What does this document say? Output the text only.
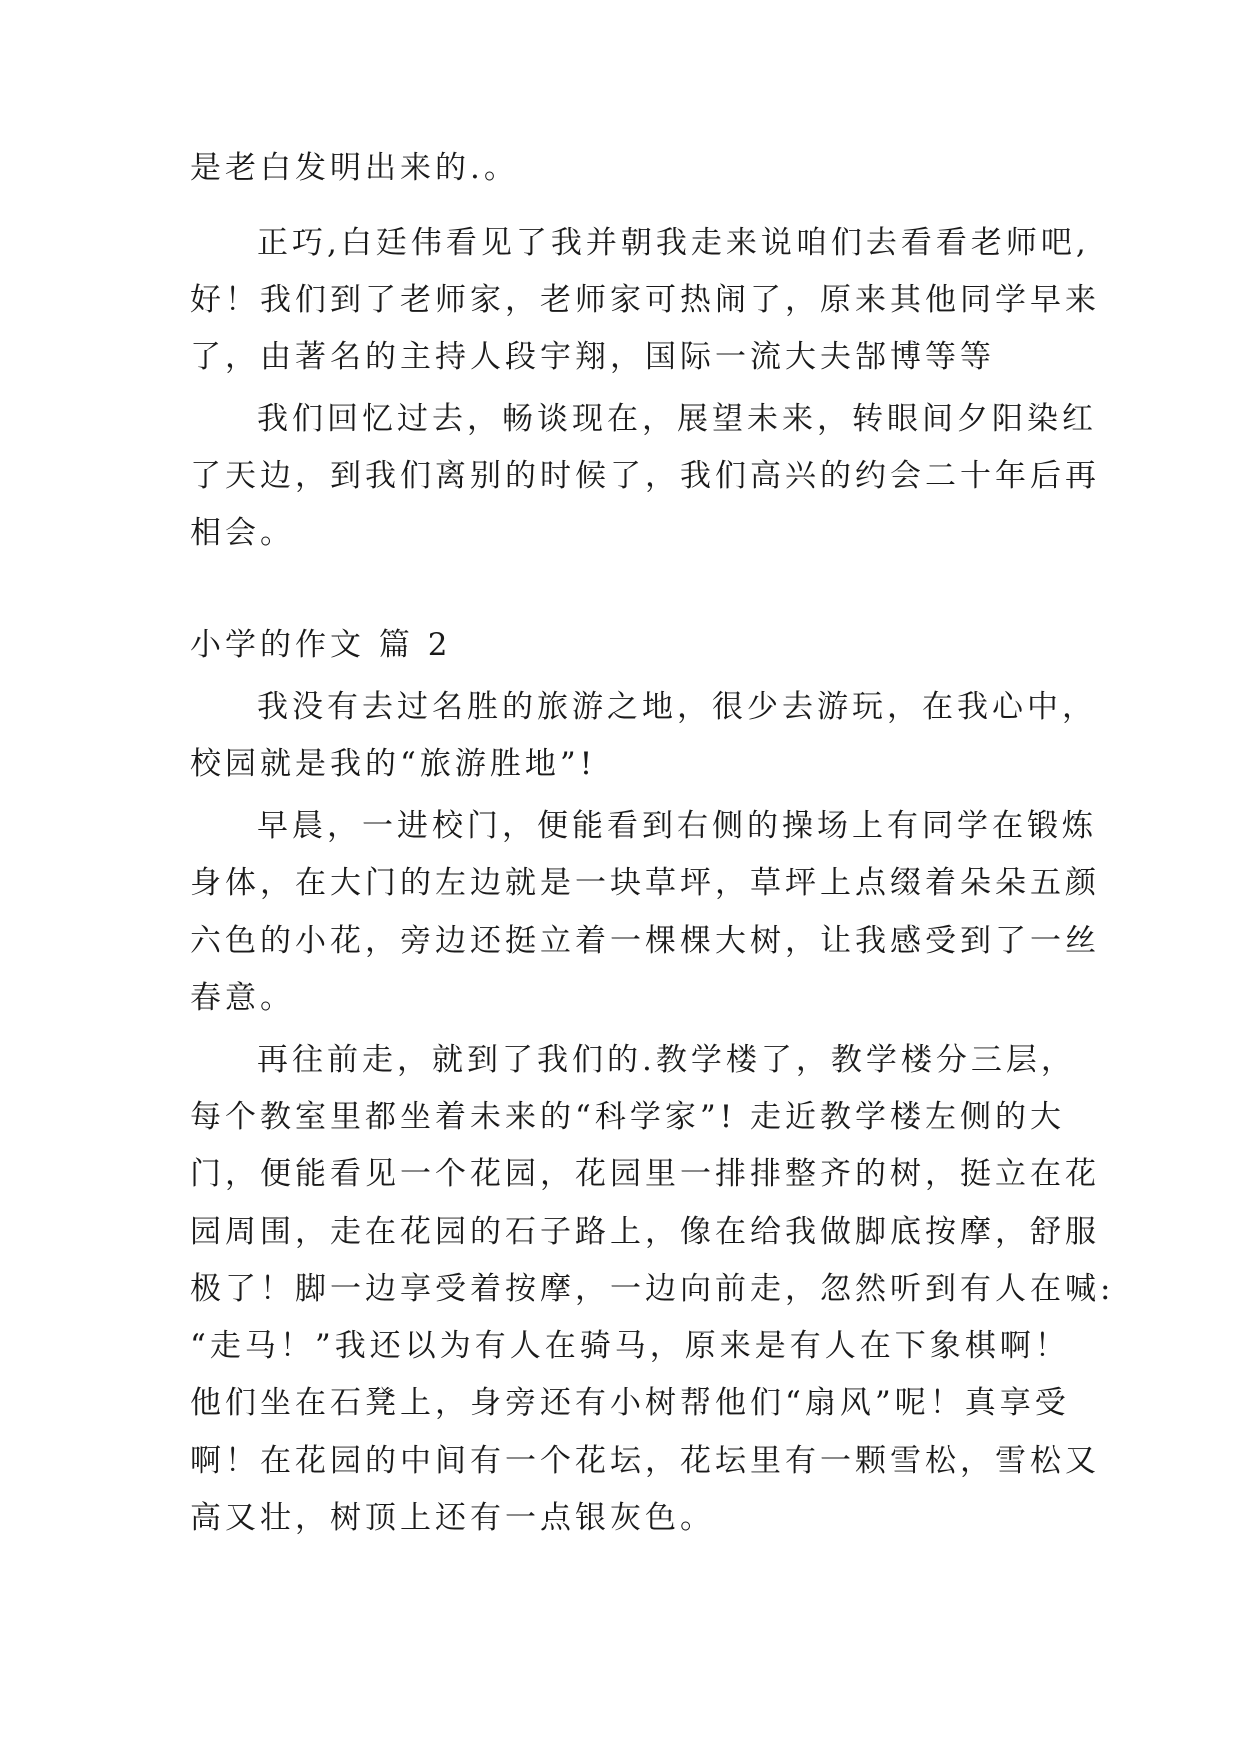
是老白发明出来的.。
正巧,白廷伟看见了我并朝我走来说咱们去看看老师吧,
好！我们到了老师家，老师家可热闹了，原来其他同学早来
了，由著名的主持人段宇翔，国际一流大夫郜博等等
我们回忆过去，畅谈现在，展望未来，转眼间夕阳染红
了天边，到我们离别的时候了，我们高兴的约会二十年后再
相会。
小学的作文 篇 2
我没有去过名胜的旅游之地，很少去游玩，在我心中，
校园就是我的“旅游胜地”!
早晨，一进校门，便能看到右侧的操场上有同学在锻炼
身体，在大门的左边就是一块草坪，草坪上点缀着朵朵五颜
六色的小花，旁边还挺立着一棵棵大树，让我感受到了一丝
春意。
再往前走，就到了我们的.教学楼了，教学楼分三层，
每个教室里都坐着未来的“科学家”! 走近教学楼左侧的大
门，便能看见一个花园，花园里一排排整齐的树，挺立在花
园周围，走在花园的石子路上，像在给我做脚底按摩，舒服
极了！脚一边享受着按摩，一边向前走，忽然听到有人在喊:
“走马！”我还以为有人在骑马，原来是有人在下象棋啊！
他们坐在石凳上，身旁还有小树帮他们“扇风”呢！真享受
啊！在花园的中间有一个花坛，花坛里有一颗雪松，雪松又
高又壮，树顶上还有一点银灰色。
